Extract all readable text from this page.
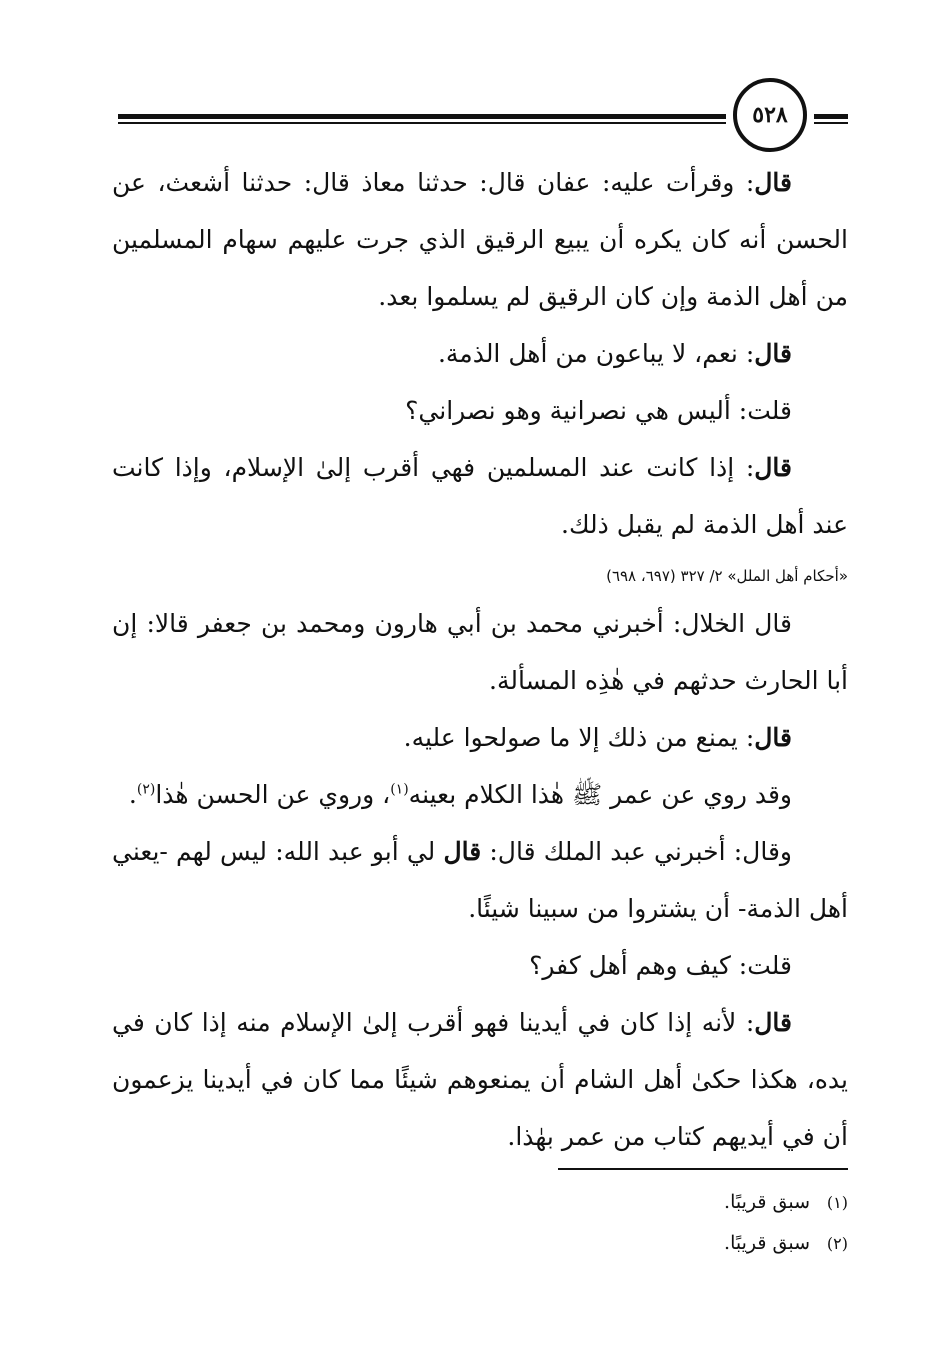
٥٢٨

قال: وقرأت عليه: عفان قال: حدثنا معاذ قال: حدثنا أشعث، عن الحسن أنه كان يكره أن يبيع الرقيق الذي جرت عليهم سهام المسلمين من أهل الذمة وإن كان الرقيق لم يسلموا بعد.

قال: نعم، لا يباعون من أهل الذمة.

قلت: أليس هي نصرانية وهو نصراني؟

قال: إذا كانت عند المسلمين فهي أقرب إلىٰ الإسلام، وإذا كانت عند أهل الذمة لم يقبل ذلك.

«أحكام أهل الملل» ٢/ ٣٢٧ (٦٩٧، ٦٩٨)

قال الخلال: أخبرني محمد بن أبي هارون ومحمد بن جعفر قالا: إن أبا الحارث حدثهم في هٰذِه المسألة.

قال: يمنع من ذلك إلا ما صولحوا عليه.

وقد روي عن عمر ﷺ هٰذا الكلام بعينه$^{(١)}$، وروي عن الحسن هٰذا$^{(٢)}$.

وقال: أخبرني عبد الملك قال: قال لي أبو عبد الله: ليس لهم -يعني أهل الذمة- أن يشتروا من سبينا شيئًا.

قلت: كيف وهم أهل كفر؟

قال: لأنه إذا كان في أيدينا فهو أقرب إلىٰ الإسلام منه إذا كان في يده، هكذا حكىٰ أهل الشام أن يمنعوهم شيئًا مما كان في أيدينا يزعمون أن في أيديهم كتاب من عمر بهٰذا.

(١)سبق قريبًا.
(٢)سبق قريبًا.
